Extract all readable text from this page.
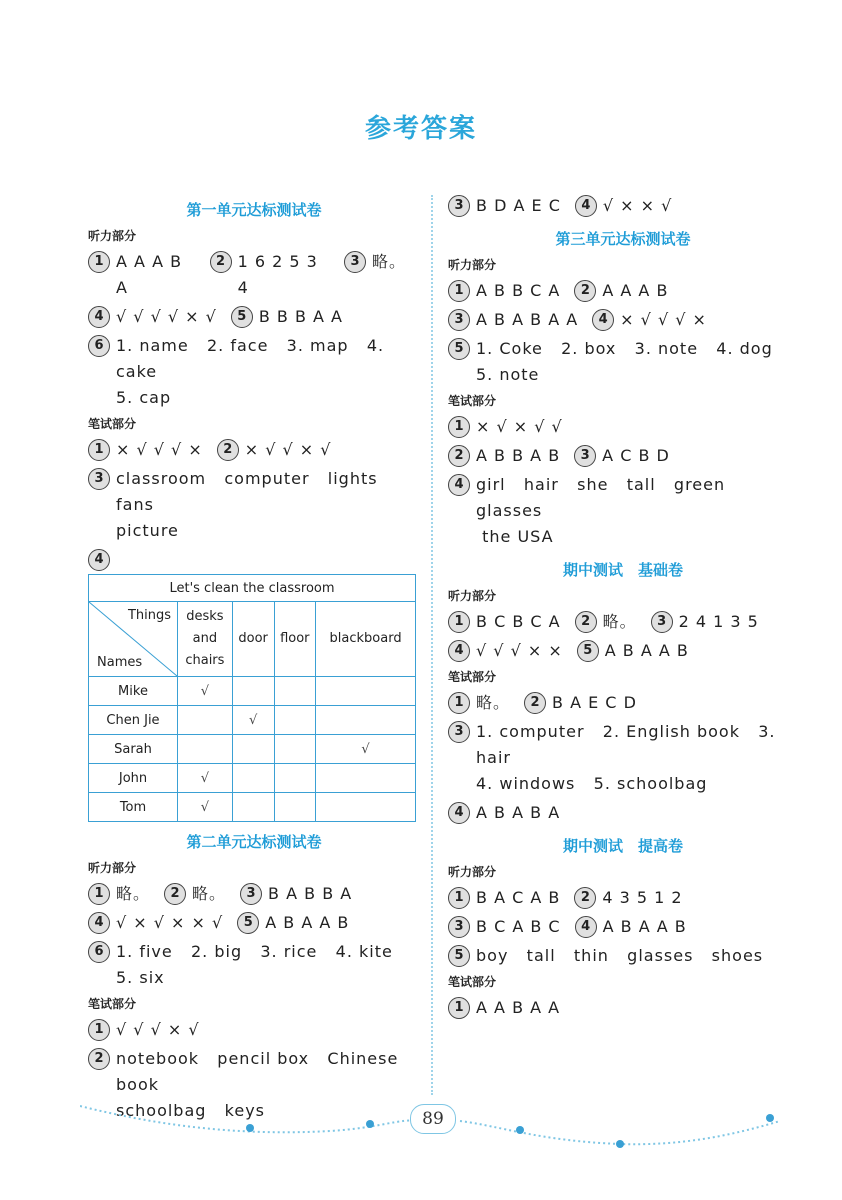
参考答案
第一单元达标测试卷
听力部分
1 A A A B A
2 1 6 2 5 3 4
3 略。
4 √ √ √ √ × √	5 B B B A A
6 1. name   2. face   3. map   4. cake
5. cap
笔试部分
1 × √ √ √ ×	2 × √ √ × √
3 classroom   computer   lights   fans
picture
4
Let's clean the classroom				

Things
Names	desks
and
chairs	door	floor	blackboard
Mike	√			
Chen Jie		√		
Sarah				√
John	√			
Tom	√			
第二单元达标测试卷
听力部分
1 略。	2 略。	3 B A B B A
4 √ × √ × × √	5 A B A A B
6 1. five   2. big   3. rice   4. kite   5. six
笔试部分
1 √ √ √ × √
2 notebook   pencil box   Chinese book
schoolbag   keys
3 B D A E C	4 √ × × √
第三单元达标测试卷
听力部分
1 A B B C A	2 A A A B
3 A B A B A A	4 × √ √ √ ×
5 1. Coke   2. box   3. note   4. dog
5. note
笔试部分
1 × √ × √ √
2 A B B A B	3 A C B D
4 girl   hair   she   tall   green glasses
the USA
期中测试　基础卷
听力部分
1 B C B C A	2 略。	3 2 4 1 3 5
4 √ √ √ × ×	5 A B A A B
笔试部分
1 略。	2 B A E C D
3 1. computer   2. English book   3. hair
4. windows   5. schoolbag
4 A B A B A
期中测试　提高卷
听力部分
1 B A C A B	2 4 3 5 1 2
3 B C A B C	4 A B A A B
5 boy   tall   thin   glasses   shoes
笔试部分
1 A A B A A
89
